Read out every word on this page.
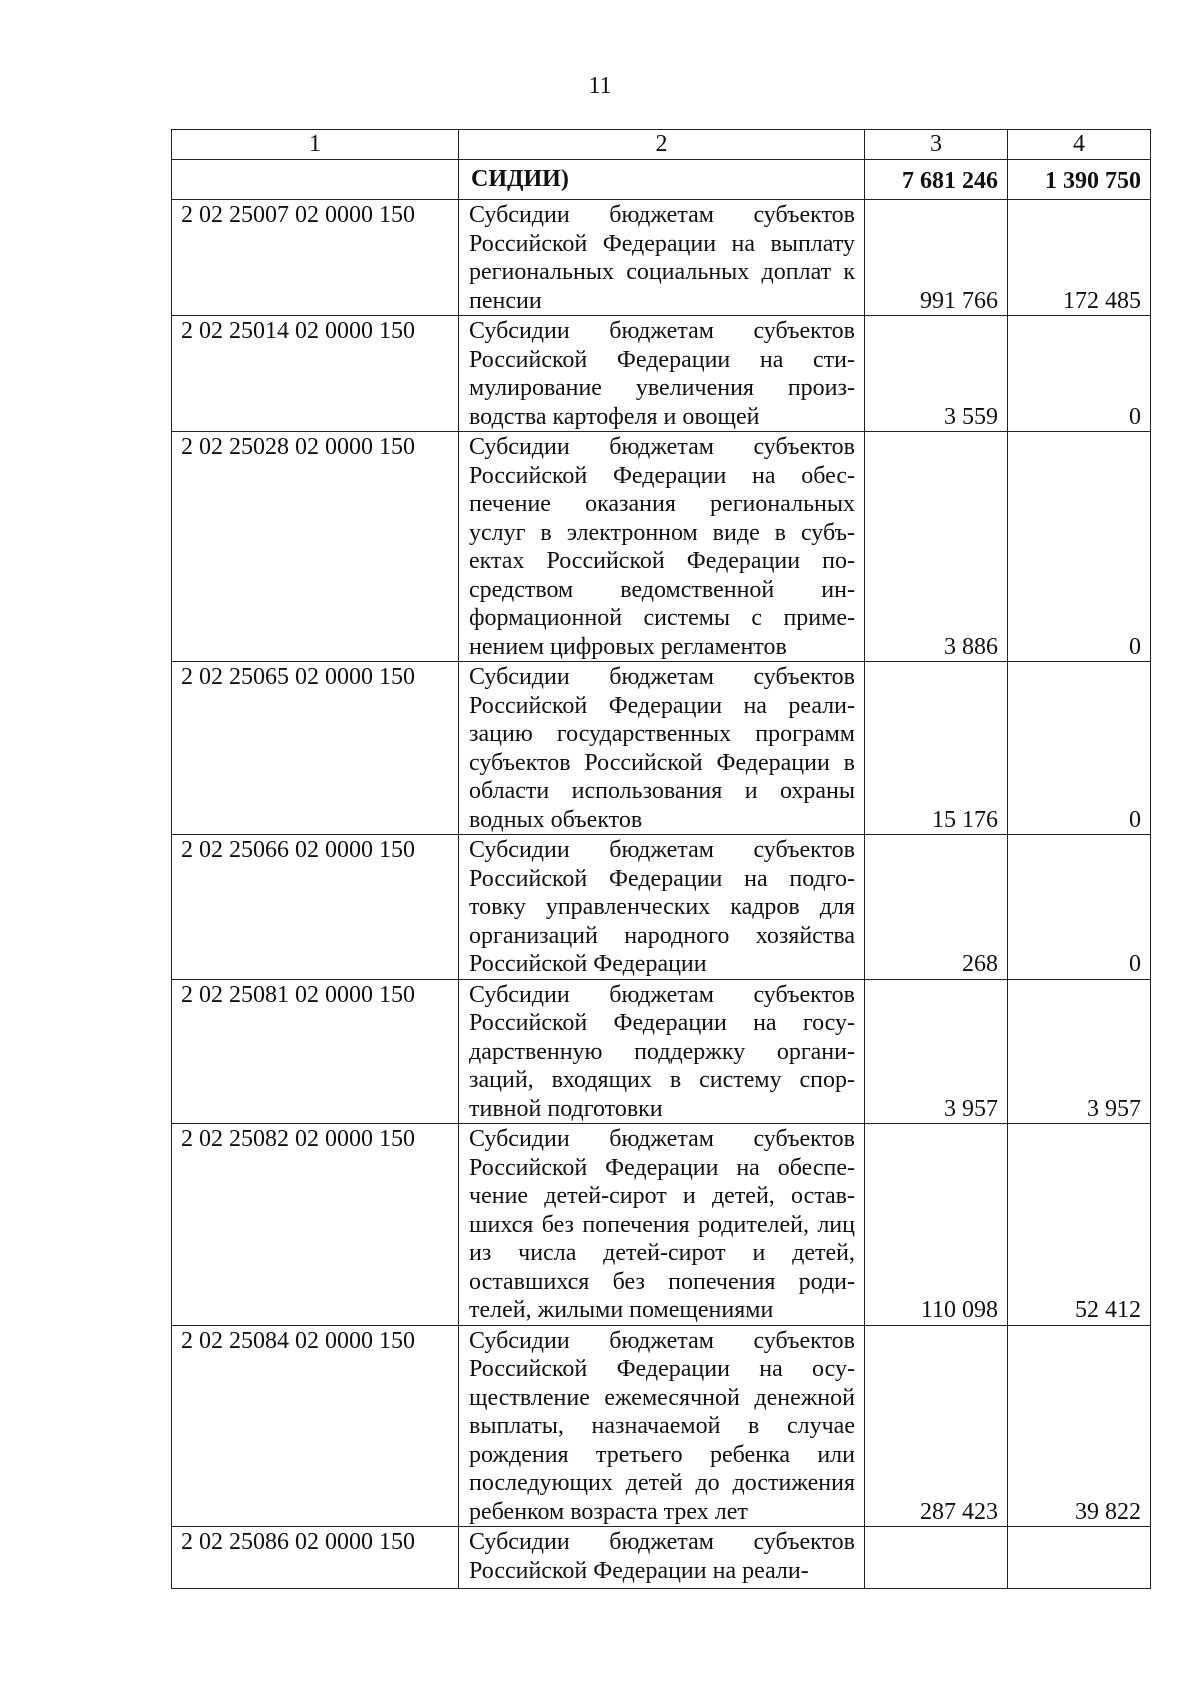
11
1	2	3	4
	СИДИИ)	7 681 246	1 390 750
2 02 25007 02 0000 150	Субсидии бюджетам субъектов Российской Федерации на выплату региональных социальных доплат к пенсии	991 766	172 485
2 02 25014 02 0000 150	Субсидии бюджетам субъектов Российской Федерации на стимулирование увеличения производства картофеля и овощей	3 559	0
2 02 25028 02 0000 150	Субсидии бюджетам субъектов Российской Федерации на обеспечение оказания региональных услуг в электронном виде в субъектах Российской Федерации посредством ведомственной информационной системы с применением цифровых регламентов	3 886	0
2 02 25065 02 0000 150	Субсидии бюджетам субъектов Российской Федерации на реализацию государственных программ субъектов Российской Федерации в области использования и охраны водных объектов	15 176	0
2 02 25066 02 0000 150	Субсидии бюджетам субъектов Российской Федерации на подготовку управленческих кадров для организаций народного хозяйства Российской Федерации	268	0
2 02 25081 02 0000 150	Субсидии бюджетам субъектов Российской Федерации на государственную поддержку организаций, входящих в систему спортивной подготовки	3 957	3 957
2 02 25082 02 0000 150	Субсидии бюджетам субъектов Российской Федерации на обеспечение детей-сирот и детей, оставшихся без попечения родителей, лиц из числа детей-сирот и детей, оставшихся без попечения родителей, жилыми помещениями	110 098	52 412
2 02 25084 02 0000 150	Субсидии бюджетам субъектов Российской Федерации на осуществление ежемесячной денежной выплаты, назначаемой в случае рождения третьего ребенка или последующих детей до достижения ребенком возраста трех лет	287 423	39 822
2 02 25086 02 0000 150	Субсидии бюджетам субъектов Российской Федерации на реали-		
